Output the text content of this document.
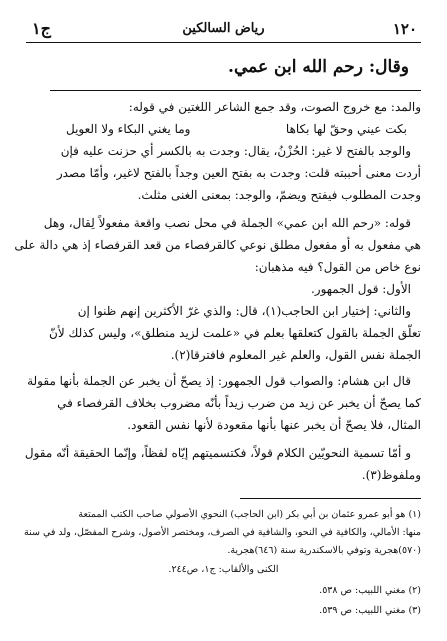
١٢٠
رياض السالكين
ج١
وقال: رحم الله ابن عمي.
والمد: مع خروج الصوت، وقد جمع الشاعر اللغتين في قوله:
بكت عيني وحقّ لها بكاها
وما يغني البكاء ولا العويل
والوجد بالفتح لا غير: الحُزْنُ، يقال: وجدت به بالكسر أي حزنت عليه فإن
أردت معنى أحببته قلت: وجدت به بفتح العين وجداً بالفتح لاغير، وأمّا مصدر
وجدت المطلوب فيفتح ويضمّ، والوجد: بمعنى الغنى مثلث.
قوله: «رحم الله ابن عمي» الجملة في محل نصب واقعة مفعولاً لِقال، وهل
هي مفعول به أو مفعول مطلق نوعي كالقرفصاء من قعد القرفصاء إذ هي دالة على
نوع خاص من القول؟ فيه مذهبان:
الأول: قول الجمهور.
والثاني: إختيار ابن الحاجب(١)، قال: والذي غرّ الأكثرين إنهم ظنوا إن
تعلّق الجملة بالقول كتعلقها بعلم في «علمت لزيد منطلق»، وليس كذلك لأنّ
الجملة نفس القول، والعلم غير المعلوم فافترقا(٢).
قال ابن هشام: والصواب قول الجمهور: إذ يصحّ أن يخبر عن الجملة بأنها مقولة
كما يصحّ أن يخبر عن زيد من ضرب زيداً بأنّه مضروب بخلاف القرفصاء في
المثال، فلا يصحّ أن يخبر عنها بأنها مقعودة لأنها نفس القعود.
و أمّا تسمية النحويّين الكلام قولاً، فكتسميتهم إيّاه لفظاً، وإنّما الحقيقة أنّه مقول
وملفوظ(٣).
(١) هو أبو عمرو عثمان بن أبي بكر (ابن الحاجب) النحوي الأصولي صاحب الكتب الممتعة
منها: الأمالي، والكافية في النحو، والشافية في الصرف، ومختصر الأصول، وشرح المفصّل، ولد في سنة
(٥٧٠)هجرية وتوفي بالاسكندرية سنة (٦٤٦)هجرية.
الكنى والألقاب: ج١، ص٢٤٤.
(٢) مغني اللبيب: ص ٥٣٨.
(٣) مغني اللبيب: ص ٥٣٩.
